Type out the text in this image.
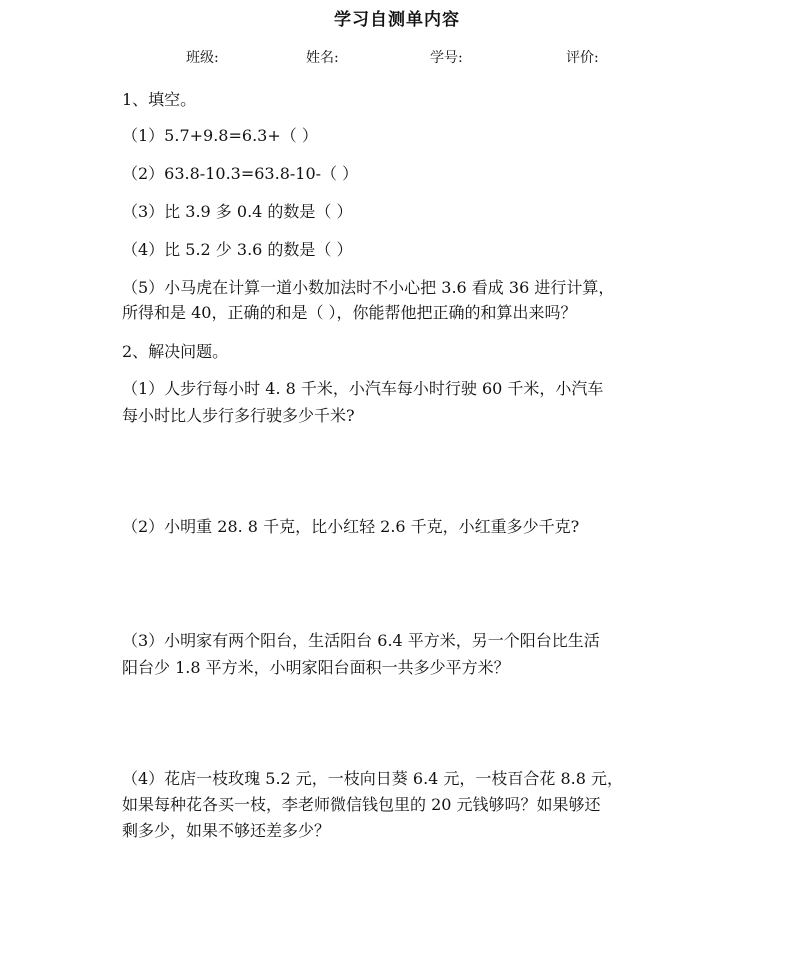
学习自测单内容
班级:	姓名:	学号:	评价:
1、填空。
（1）5.7+9.8=6.3+（ ）
（2）63.8-10.3=63.8-10-（ ）
（3）比 3.9 多 0.4 的数是（ ）
（4）比 5.2 少 3.6 的数是（ ）
（5）小马虎在计算一道小数加法时不小心把 3.6 看成 36 进行计算，
所得和是 40，正确的和是（ ），你能帮他把正确的和算出来吗？
2、解决问题。
（1）人步行每小时 4. 8 千米，小汽车每小时行驶 60 千米，小汽车
每小时比人步行多行驶多少千米?
（2）小明重 28. 8 千克，比小红轻 2.6 千克，小红重多少千克?
（3）小明家有两个阳台，生活阳台 6.4 平方米，另一个阳台比生活
阳台少 1.8 平方米，小明家阳台面积一共多少平方米？
（4）花店一枝玫瑰 5.2 元，一枝向日葵 6.4 元，一枝百合花 8.8 元，
如果每种花各买一枝，李老师微信钱包里的 20 元钱够吗？如果够还
剩多少，如果不够还差多少？
